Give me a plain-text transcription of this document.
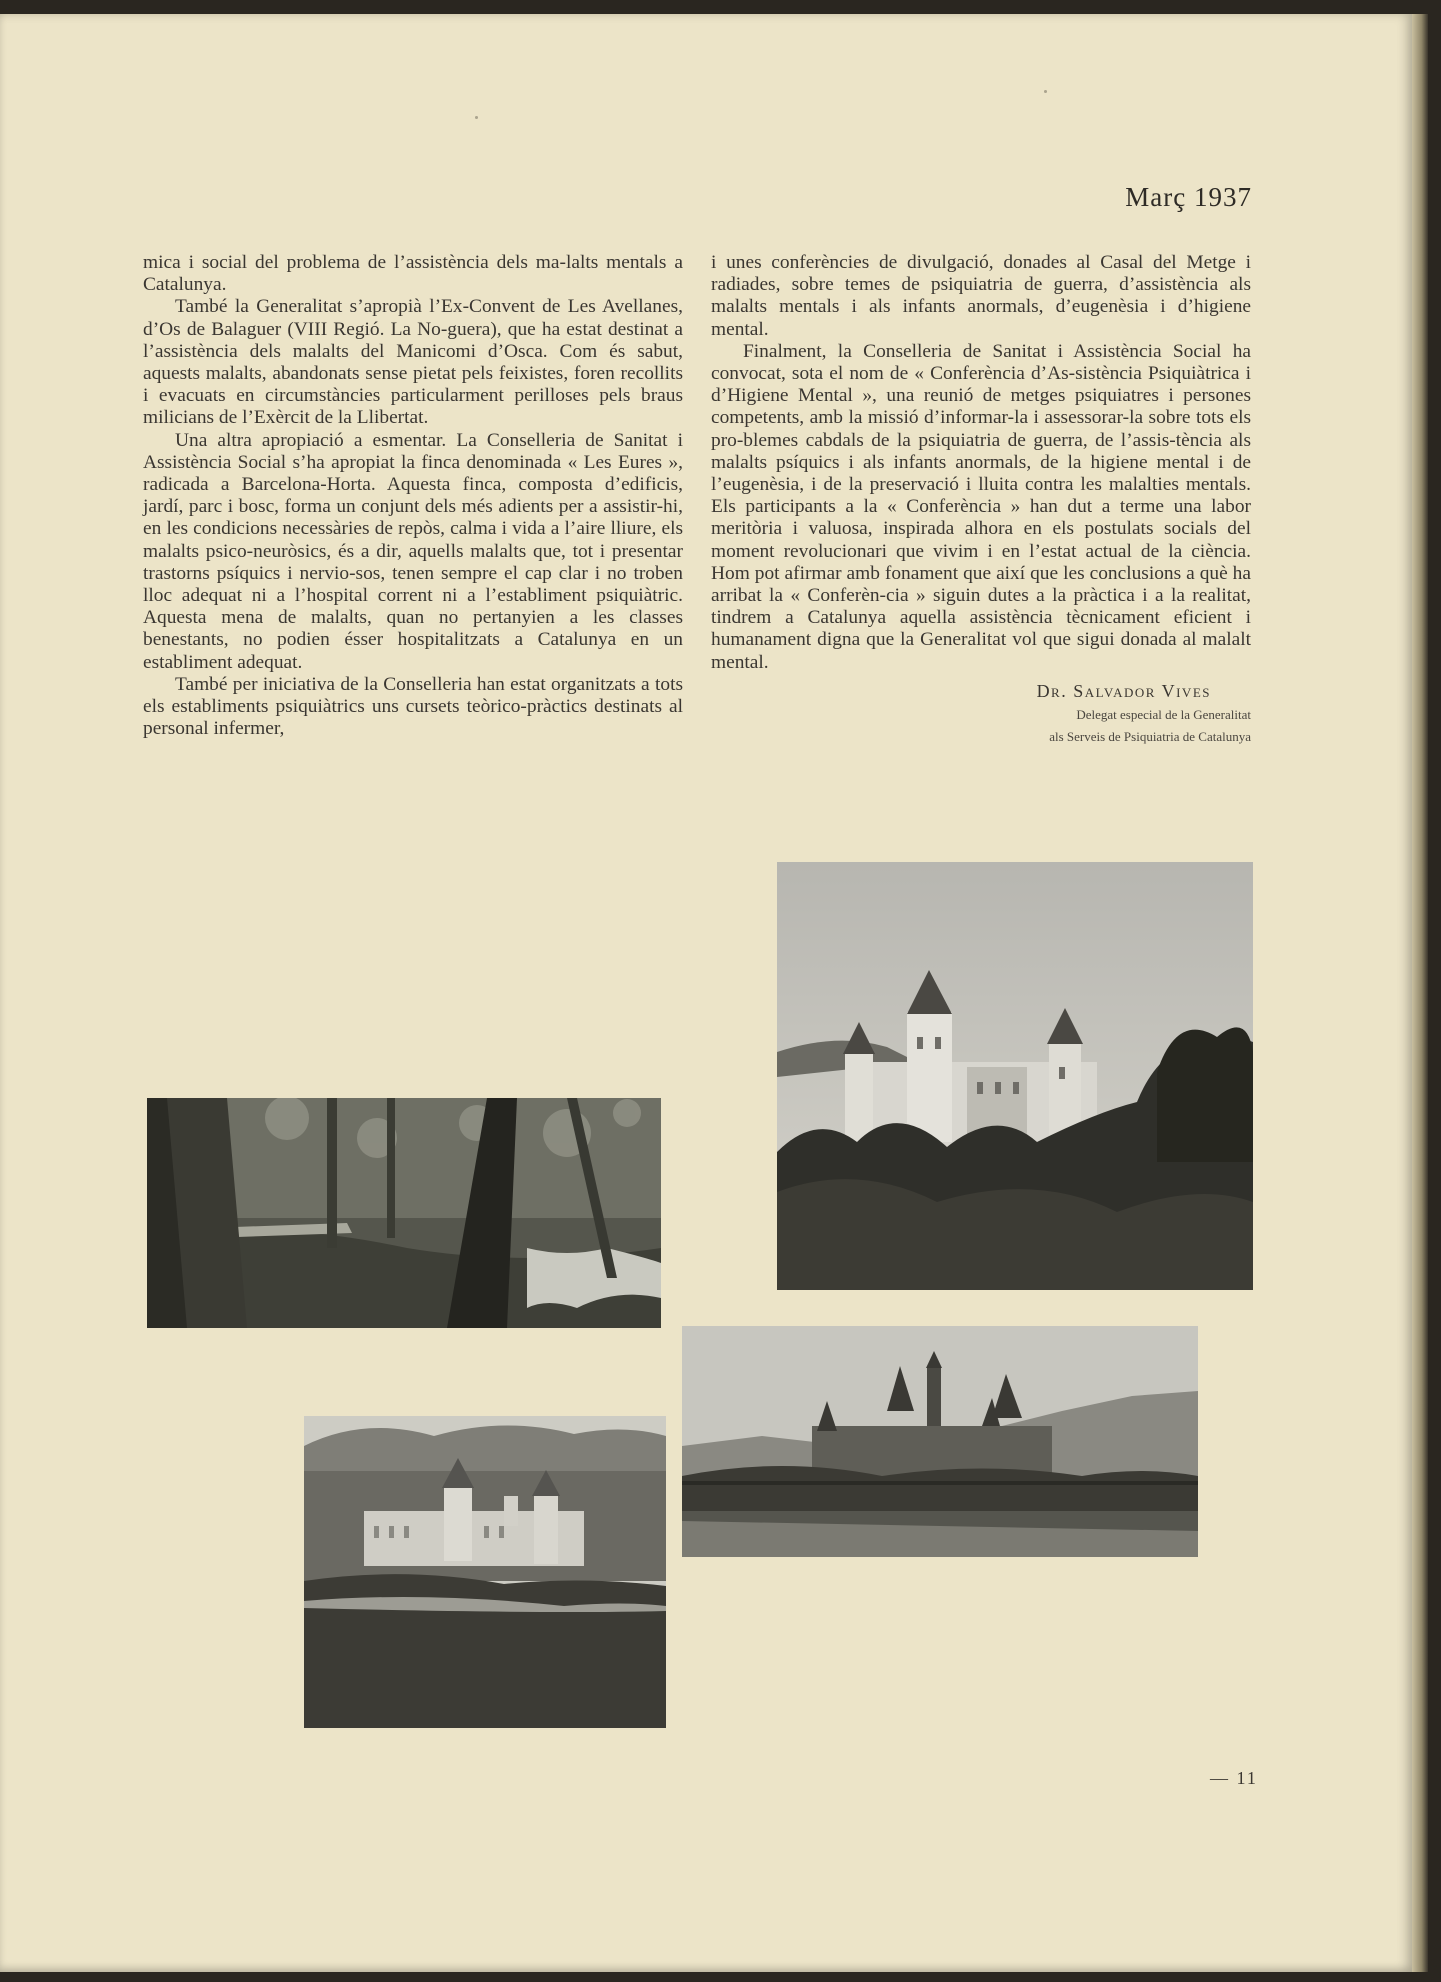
Març 1937

mica i social del problema de l’assistència dels ma-lalts mentals a Catalunya.

També la Generalitat s’apropià l’Ex-Convent de Les Avellanes, d’Os de Balaguer (VIII Regió. La No-guera), que ha estat destinat a l’assistència dels malalts del Manicomi d’Osca. Com és sabut, aquests malalts, abandonats sense pietat pels feixistes, foren recollits i evacuats en circumstàncies particularment perilloses pels braus milicians de l’Exèrcit de la Llibertat.

Una altra apropiació a esmentar. La Conselleria de Sanitat i Assistència Social s’ha apropiat la finca denominada « Les Eures », radicada a Barcelona-Horta. Aquesta finca, composta d’edificis, jardí, parc i bosc, forma un conjunt dels més adients per a assistir-hi, en les condicions necessàries de repòs, calma i vida a l’aire lliure, els malalts psico-neuròsics, és a dir, aquells malalts que, tot i presentar trastorns psíquics i nervio-sos, tenen sempre el cap clar i no troben lloc adequat ni a l’hospital corrent ni a l’establiment psiquiàtric. Aquesta mena de malalts, quan no pertanyien a les classes benestants, no podien ésser hospitalitzats a Catalunya en un establiment adequat.

També per iniciativa de la Conselleria han estat organitzats a tots els establiments psiquiàtrics uns cursets teòrico-pràctics destinats al personal infermer,

i unes conferències de divulgació, donades al Casal del Metge i radiades, sobre temes de psiquiatria de guerra, d’assistència als malalts mentals i als infants anormals, d’eugenèsia i d’higiene mental.

Finalment, la Conselleria de Sanitat i Assistència Social ha convocat, sota el nom de « Conferència d’As-sistència Psiquiàtrica i d’Higiene Mental », una reunió de metges psiquiatres i persones competents, amb la missió d’informar-la i assessorar-la sobre tots els pro-blemes cabdals de la psiquiatria de guerra, de l’assis-tència als malalts psíquics i als infants anormals, de la higiene mental i de l’eugenèsia, i de la preservació i lluita contra les malalties mentals. Els participants a la « Conferència » han dut a terme una labor meritòria i valuosa, inspirada alhora en els postulats socials del moment revolucionari que vivim i en l’estat actual de la ciència. Hom pot afirmar amb fonament que així que les conclusions a què ha arribat la « Conferèn-cia » siguin dutes a la pràctica i a la realitat, tindrem a Catalunya aquella assistència tècnicament eficient i humanament digna que la Generalitat vol que sigui donada al malalt mental.

Dr. Salvador Vives
Delegat especial de la Generalitat
als Serveis de Psiquiatria de Catalunya
— 11
